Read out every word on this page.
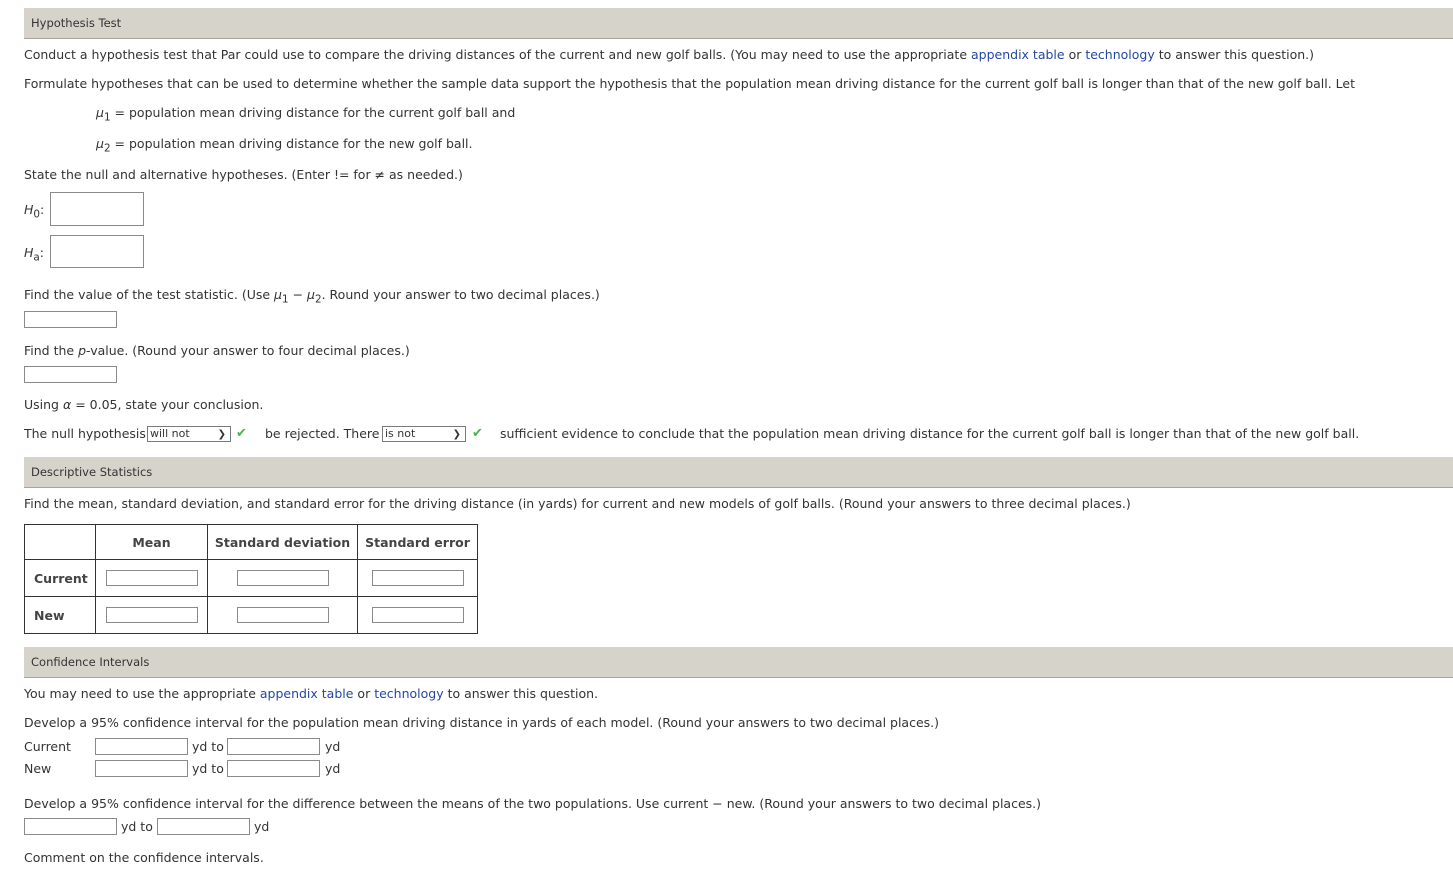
Hypothesis Test
Conduct a hypothesis test that Par could use to compare the driving distances of the current and new golf balls. (You may need to use the appropriate appendix table or technology to answer this question.)
Formulate hypotheses that can be used to determine whether the sample data support the hypothesis that the population mean driving distance for the current golf ball is longer than that of the new golf ball. Let
$\mu_1$ = population mean driving distance for the current golf ball and
$\mu_2$ = population mean driving distance for the new golf ball.
State the null and alternative hypotheses. (Enter != for ≠ as needed.)
$H_0$:
$H_a$:
Find the value of the test statistic. (Use $\mu_1 - \mu_2$. Round your answer to two decimal places.)
Find the p-value. (Round your answer to four decimal places.)
Using α = 0.05, state your conclusion.
The null hypothesis will not	❯ ✔ be rejected. There is not	❯ ✔ sufficient evidence to conclude that the population mean driving distance for the current golf ball is longer than that of the new golf ball.
Descriptive Statistics
Find the mean, standard deviation, and standard error for the driving distance (in yards) for current and new models of golf balls. (Round your answers to three decimal places.)
	Mean	Standard deviation	Standard error
Current			
New			
Confidence Intervals
You may need to use the appropriate appendix table or technology to answer this question.
Develop a 95% confidence interval for the population mean driving distance in yards of each model. (Round your answers to two decimal places.)
Current	yd to	yd
New	yd to	yd
Develop a 95% confidence interval for the difference between the means of the two populations. Use current − new. (Round your answers to two decimal places.)
yd to	yd
Comment on the confidence intervals.
